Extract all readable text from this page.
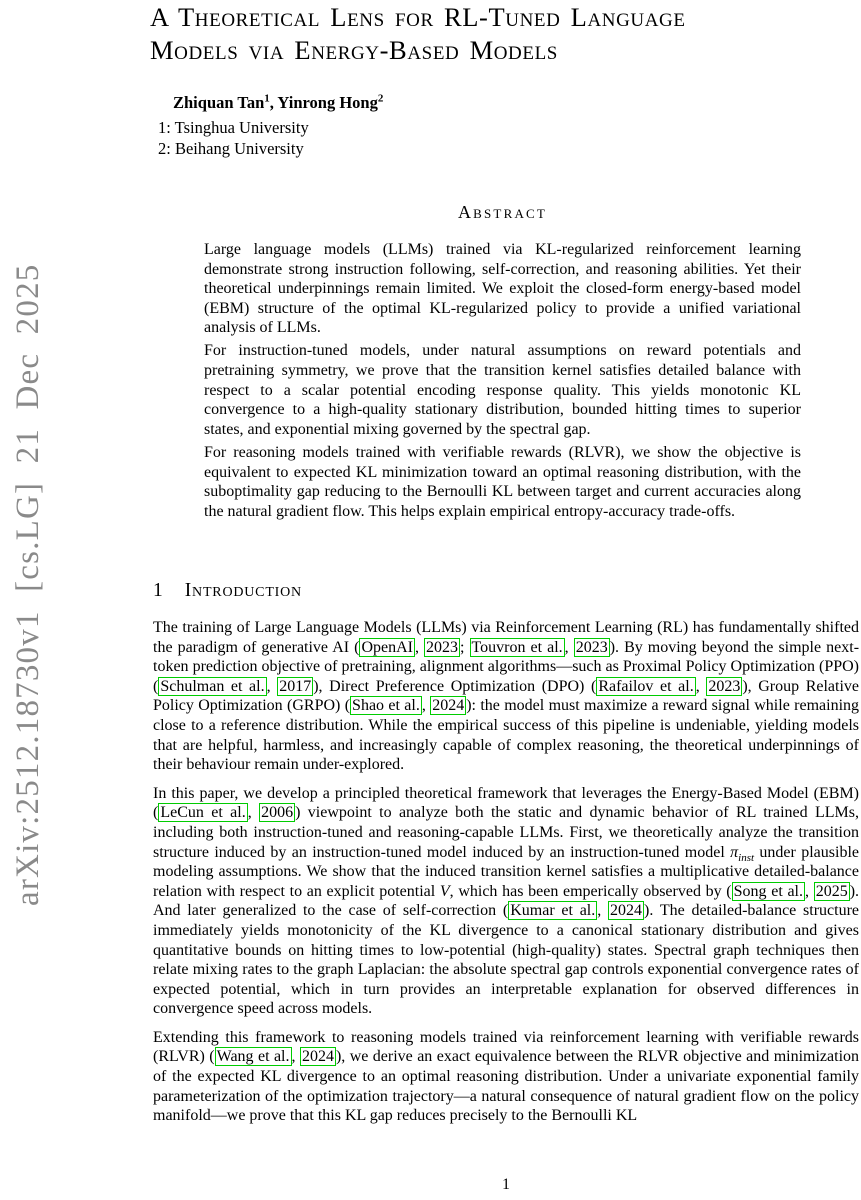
arXiv:2512.18730v1 [cs.LG] 21 Dec 2025
A Theoretical Lens for RL-Tuned Language
Models via Energy-Based Models
Zhiquan Tan$^1$, Yinrong Hong$^2$
1: Tsinghua University
2: Beihang University
Abstract

Large language models (LLMs) trained via KL-regularized reinforcement learning demonstrate strong instruction following, self-correction, and reasoning abilities. Yet their theoretical underpinnings remain limited. We exploit the closed-form energy-based model (EBM) structure of the optimal KL-regularized policy to provide a unified variational analysis of LLMs.

For instruction-tuned models, under natural assumptions on reward potentials and pretraining symmetry, we prove that the transition kernel satisfies detailed balance with respect to a scalar potential encoding response quality. This yields monotonic KL convergence to a high-quality stationary distribution, bounded hitting times to superior states, and exponential mixing governed by the spectral gap.

For reasoning models trained with verifiable rewards (RLVR), we show the objective is equivalent to expected KL minimization toward an optimal reasoning distribution, with the suboptimality gap reducing to the Bernoulli KL between target and current accuracies along the natural gradient flow. This helps explain empirical entropy-accuracy trade-offs.

1 Introduction

The training of Large Language Models (LLMs) via Reinforcement Learning (RL) has fundamentally shifted the paradigm of generative AI ( OpenAI , 2023 ; Touvron et al. , 2023 ). By moving beyond the simple next-token prediction objective of pretraining, alignment algorithms—such as Proximal Policy Optimization (PPO) ( Schulman et al. , 2017 ), Direct Preference Optimization (DPO) ( Rafailov et al. , 2023 ), Group Relative Policy Optimization (GRPO) ( Shao et al. , 2024 ): the model must maximize a reward signal while remaining close to a reference distribution. While the empirical success of this pipeline is undeniable, yielding models that are helpful, harmless, and increasingly capable of complex reasoning, the theoretical underpinnings of their behaviour remain under-explored.

In this paper, we develop a principled theoretical framework that leverages the Energy-Based Model (EBM) ( LeCun et al. , 2006 ) viewpoint to analyze both the static and dynamic behavior of RL trained LLMs, including both instruction-tuned and reasoning-capable LLMs. First, we theoretically analyze the transition structure induced by an instruction-tuned model induced by an instruction-tuned model $\pi_{inst}$ under plausible modeling assumptions. We show that the induced transition kernel satisfies a multiplicative detailed-balance relation with respect to an explicit potential V, which has been emperically observed by ( Song et al. , 2025 ). And later generalized to the case of self-correction ( Kumar et al. , 2024 ). The detailed-balance structure immediately yields monotonicity of the KL divergence to a canonical stationary distribution and gives quantitative bounds on hitting times to low-potential (high-quality) states. Spectral graph techniques then relate mixing rates to the graph Laplacian: the absolute spectral gap controls exponential convergence rates of expected potential, which in turn provides an interpretable explanation for observed differences in convergence speed across models.

Extending this framework to reasoning models trained via reinforcement learning with verifiable rewards (RLVR) ( Wang et al. , 2024 ), we derive an exact equivalence between the RLVR objective and minimization of the expected KL divergence to an optimal reasoning distribution. Under a univariate exponential family parameterization of the optimization trajectory—a natural consequence of natural gradient flow on the policy manifold—we prove that this KL gap reduces precisely to the Bernoulli KL

1
